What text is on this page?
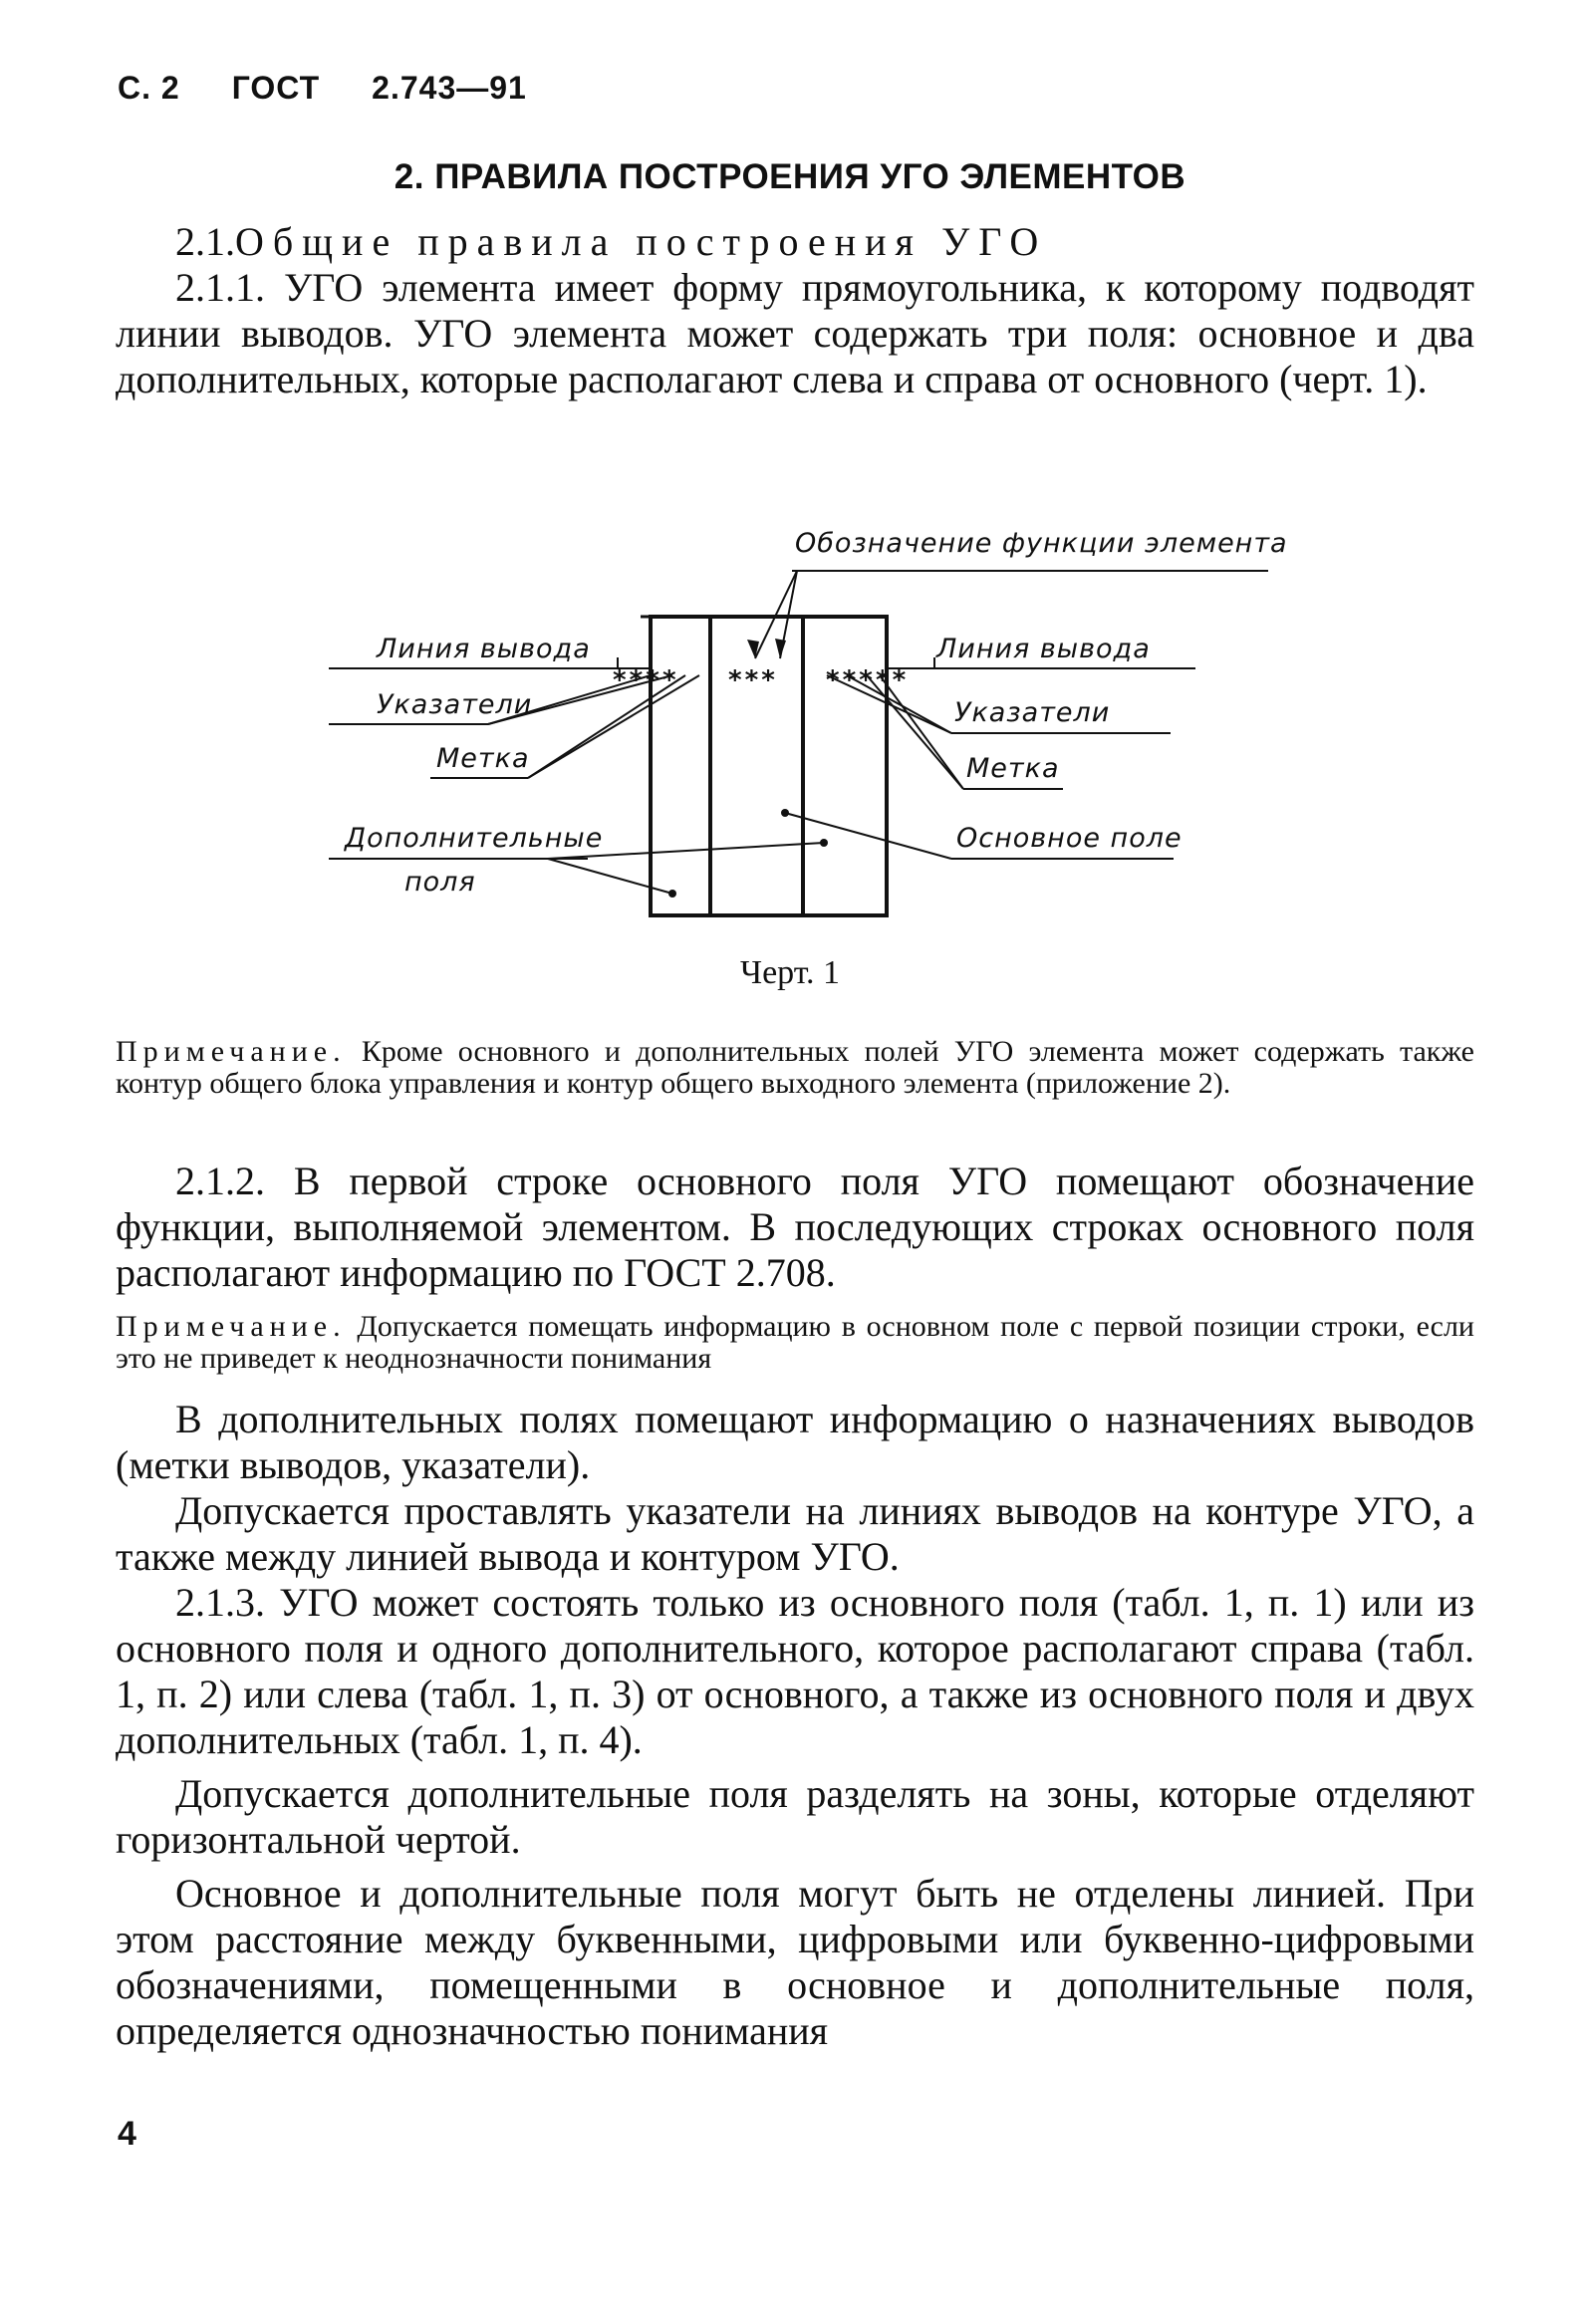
С. 2 ГОСТ 2.743—91
2. ПРАВИЛА ПОСТРОЕНИЯ УГО ЭЛЕМЕНТОВ

2.1.Общие правила построения УГО

2.1.1. УГО элемента имеет форму прямоугольника, к которому подводят линии выводов. УГО элемента может содержать три поля: основное и два дополнительных, которые располагают слева и справа от основного (черт. 1).

Обозначение функции элемента
Линия вывода	Линия вывода
Указатели	Указатели
Метка	Метка
Дополнительные
поля
Основное поле
**** *** *****
Черт. 1
Примечание. Кроме основного и дополнительных полей УГО элемента может содержать также контур общего блока управления и контур общего выходного элемента (приложение 2).

2.1.2. В первой строке основного поля УГО помещают обозначение функции, выполняемой элементом. В последующих строках основного поля располагают информацию по ГОСТ 2.708.

Примечание. Допускается помещать информацию в основном поле с первой позиции строки, если это не приведет к неоднозначности понимания

В дополнительных полях помещают информацию о назначениях выводов (метки выводов, указатели).

Допускается проставлять указатели на линиях выводов на контуре УГО, а также между линией вывода и контуром УГО.

2.1.3. УГО может состоять только из основного поля (табл. 1, п. 1) или из основного поля и одного дополнительного, которое располагают справа (табл. 1, п. 2) или слева (табл. 1, п. 3) от основного, а также из основного поля и двух дополнительных (табл. 1, п. 4).

Допускается дополнительные поля разделять на зоны, которые отделяют горизонтальной чертой.

Основное и дополнительные поля могут быть не отделены линией. При этом расстояние между буквенными, цифровыми или буквенно-цифровыми обозначениями, помещенными в основное и дополнительные поля, определяется однозначностью понимания

4
